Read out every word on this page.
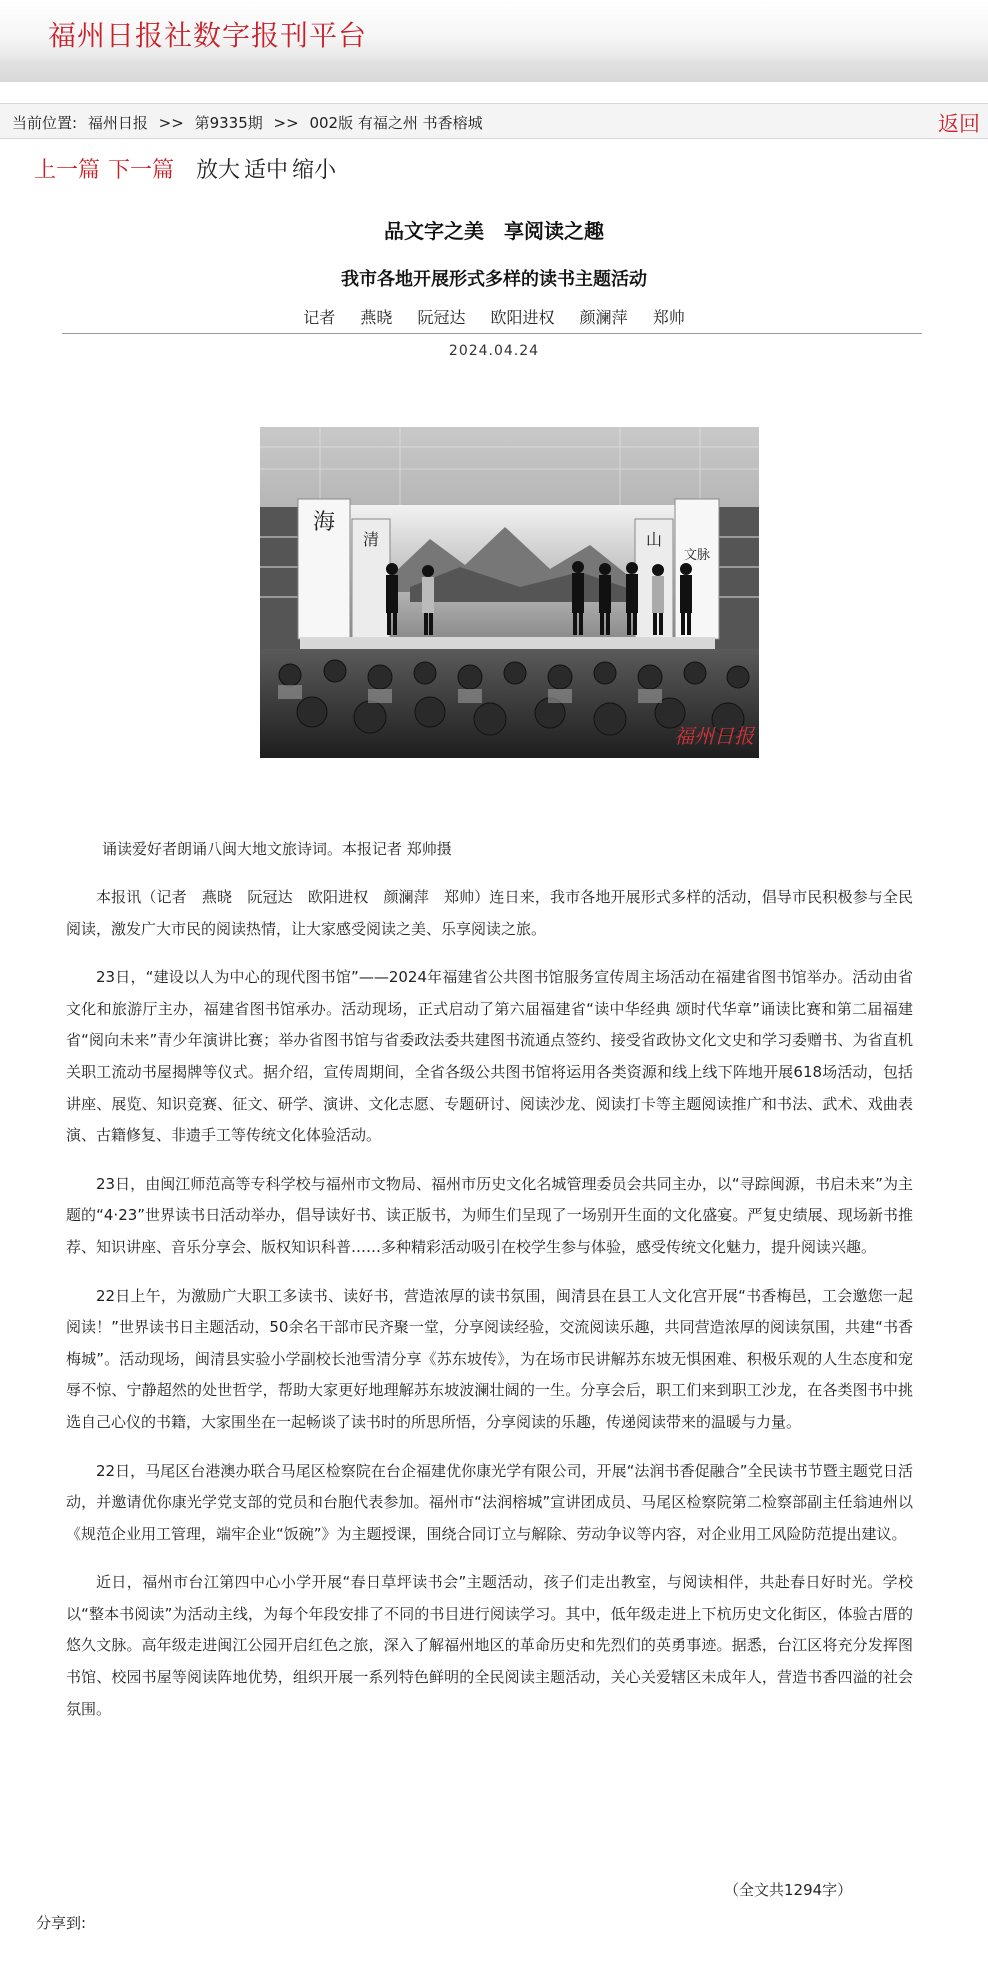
福州日报社数字报刊平台
当前位置: 福州日报 >> 第9335期 >> 002版 有福之州 书香榕城	返回
上一篇 下一篇 放大 适中 缩小
品文字之美　享阅读之趣
我市各地开展形式多样的读书主题活动
记者 燕晓 阮冠达 欧阳进权 颜澜萍 郑帅
2024.04.24
海
清	山
文脉
福州日报
诵读爱好者朗诵八闽大地文旅诗词。本报记者 郑帅摄

本报讯（记者　燕晓　阮冠达　欧阳进权　颜澜萍　郑帅）连日来，我市各地开展形式多样的活动，倡导市民积极参与全民阅读，激发广大市民的阅读热情，让大家感受阅读之美、乐享阅读之旅。

23日，“建设以人为中心的现代图书馆”——2024年福建省公共图书馆服务宣传周主场活动在福建省图书馆举办。活动由省文化和旅游厅主办，福建省图书馆承办。活动现场，正式启动了第六届福建省“读中华经典 颂时代华章”诵读比赛和第二届福建省“阅向未来”青少年演讲比赛；举办省图书馆与省委政法委共建图书流通点签约、接受省政协文化文史和学习委赠书、为省直机关职工流动书屋揭牌等仪式。据介绍，宣传周期间，全省各级公共图书馆将运用各类资源和线上线下阵地开展618场活动，包括讲座、展览、知识竞赛、征文、研学、演讲、文化志愿、专题研讨、阅读沙龙、阅读打卡等主题阅读推广和书法、武术、戏曲表演、古籍修复、非遗手工等传统文化体验活动。

23日，由闽江师范高等专科学校与福州市文物局、福州市历史文化名城管理委员会共同主办，以“寻踪闽源，书启未来”为主题的“4·23”世界读书日活动举办，倡导读好书、读正版书，为师生们呈现了一场别开生面的文化盛宴。严复史绩展、现场新书推荐、知识讲座、音乐分享会、版权知识科普……多种精彩活动吸引在校学生参与体验，感受传统文化魅力，提升阅读兴趣。

22日上午，为激励广大职工多读书、读好书，营造浓厚的读书氛围，闽清县在县工人文化宫开展“书香梅邑，工会邀您一起阅读！”世界读书日主题活动，50余名干部市民齐聚一堂，分享阅读经验，交流阅读乐趣，共同营造浓厚的阅读氛围，共建“书香梅城”。活动现场，闽清县实验小学副校长池雪清分享《苏东坡传》，为在场市民讲解苏东坡无惧困难、积极乐观的人生态度和宠辱不惊、宁静超然的处世哲学，帮助大家更好地理解苏东坡波澜壮阔的一生。分享会后，职工们来到职工沙龙，在各类图书中挑选自己心仪的书籍，大家围坐在一起畅谈了读书时的所思所悟，分享阅读的乐趣，传递阅读带来的温暖与力量。

22日，马尾区台港澳办联合马尾区检察院在台企福建优你康光学有限公司，开展“法润书香促融合”全民读书节暨主题党日活动，并邀请优你康光学党支部的党员和台胞代表参加。福州市“法润榕城”宣讲团成员、马尾区检察院第二检察部副主任翁迪州以《规范企业用工管理，端牢企业“饭碗”》为主题授课，围绕合同订立与解除、劳动争议等内容，对企业用工风险防范提出建议。

近日，福州市台江第四中心小学开展“春日草坪读书会”主题活动，孩子们走出教室，与阅读相伴，共赴春日好时光。学校以“整本书阅读”为活动主线，为每个年段安排了不同的书目进行阅读学习。其中，低年级走进上下杭历史文化街区，体验古厝的悠久文脉。高年级走进闽江公园开启红色之旅，深入了解福州地区的革命历史和先烈们的英勇事迹。据悉，台江区将充分发挥图书馆、校园书屋等阅读阵地优势，组织开展一系列特色鲜明的全民阅读主题活动，关心关爱辖区未成年人，营造书香四溢的社会氛围。

（全文共1294字）
分享到:
